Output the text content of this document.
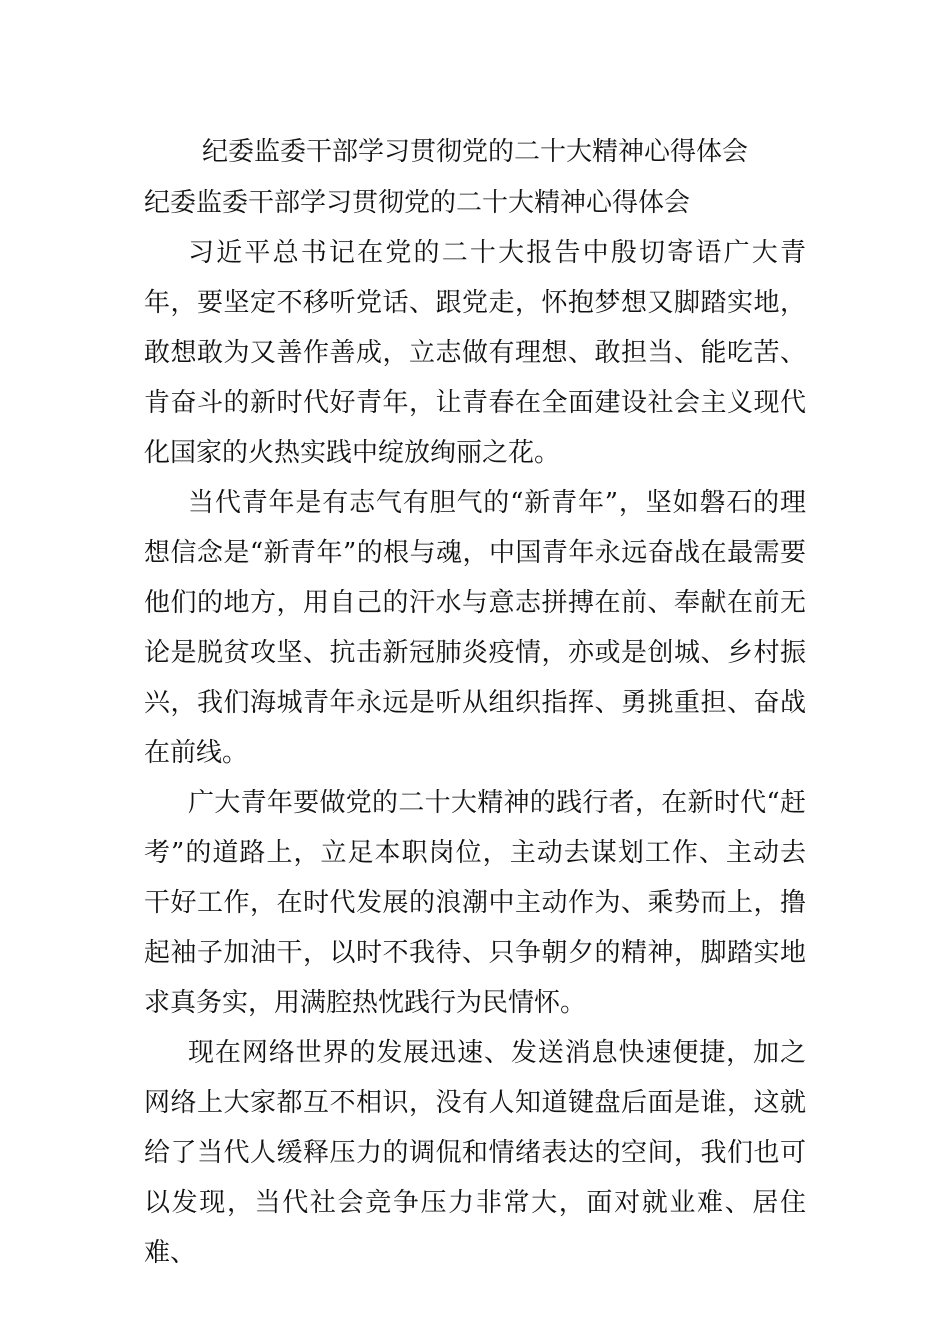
纪委监委干部学习贯彻党的二十大精神心得体会
纪委监委干部学习贯彻党的二十大精神心得体会

习近平总书记在党的二十大报告中殷切寄语广大青年，要坚定不移听党话、跟党走，怀抱梦想又脚踏实地，敢想敢为又善作善成，立志做有理想、敢担当、能吃苦、肯奋斗的新时代好青年，让青春在全面建设社会主义现代化国家的火热实践中绽放绚丽之花。

当代青年是有志气有胆气的“新青年”，坚如磐石的理想信念是“新青年”的根与魂，中国青年永远奋战在最需要他们的地方，用自己的汗水与意志拼搏在前、奉献在前无论是脱贫攻坚、抗击新冠肺炎疫情，亦或是创城、乡村振兴，我们海城青年永远是听从组织指挥、勇挑重担、奋战在前线。

广大青年要做党的二十大精神的践行者，在新时代“赶考”的道路上，立足本职岗位，主动去谋划工作、主动去干好工作，在时代发展的浪潮中主动作为、乘势而上，撸起袖子加油干，以时不我待、只争朝夕的精神，脚踏实地求真务实，用满腔热忱践行为民情怀。

现在网络世界的发展迅速、发送消息快速便捷，加之网络上大家都互不相识，没有人知道键盘后面是谁，这就给了当代人缓释压力的调侃和情绪表达的空间，我们也可以发现，当代社会竞争压力非常大，面对就业难、居住难、
